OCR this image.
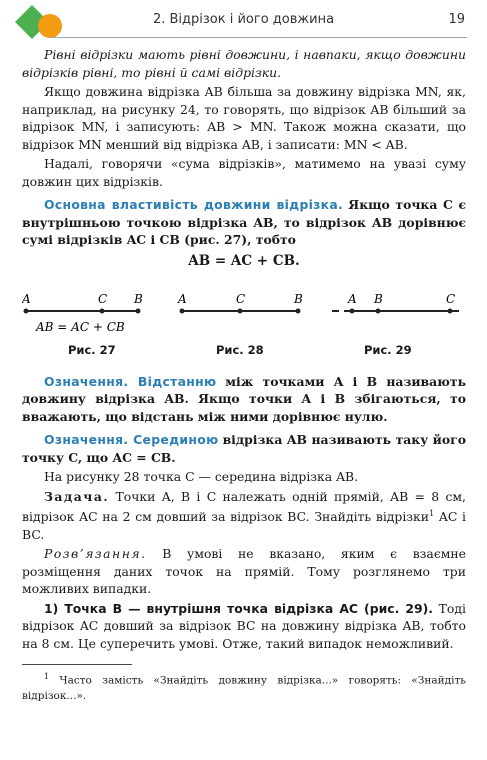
2. Відрізок і його довжина	19

Рівні відрізки мають рівні довжини, і навпаки, якщо довжини відрізків рівні, то рівні й самі відрізки.

Якщо довжина відрізка AB більша за довжину відрізка MN, як, наприклад, на рисунку 24, то говорять, що відрізок AB більший за відрізок MN, і записують: AB > MN. Також можна сказати, що відрізок MN менший від відрізка AB, і записати: MN < AB.

Надалі, говорячи «сума відрізків», матимемо на увазі суму довжин цих відрізків.

Основна властивість довжини відрізка. Якщо точка C є внутрішньою точкою відрізка AB, то відрізок AB дорівнює сумі відрізків AC і CB (рис. 27), тобто

AB = AC + CB.
A	C B
AB = AC + CB
A	C	B	A B	C
Рис. 27	Рис. 28	Рис. 29

Означення. Відстанню між точками A і B називають довжину відрізка AB. Якщо точки A і B збігаються, то вважають, що відстань між ними дорівнює нулю.

Означення. Серединою відрізка AB називають таку його точку C, що AC = CB.

На рисунку 28 точка C — середина відрізка AB.

Задача. Точки A, B і C належать одній прямій, AB = 8 см, відрізок AC на 2 см довший за відрізок BC. Знайдіть відрізки$^1$ AC і BC.

Розв’язання. В умові не вказано, яким є взаємне розміщення даних точок на прямій. Тому розглянемо три можливих випадки.

1) Точка B — внутрішня точка відрізка AC (рис. 29). Тоді відрізок AC довший за відрізок BC на довжину відрізка AB, тобто на 8 см. Це суперечить умові. Отже, такий випадок неможливий.

$^1$ Часто замість «Знайдіть довжину відрізка...» говорять: «Знайдіть відрізок...».
